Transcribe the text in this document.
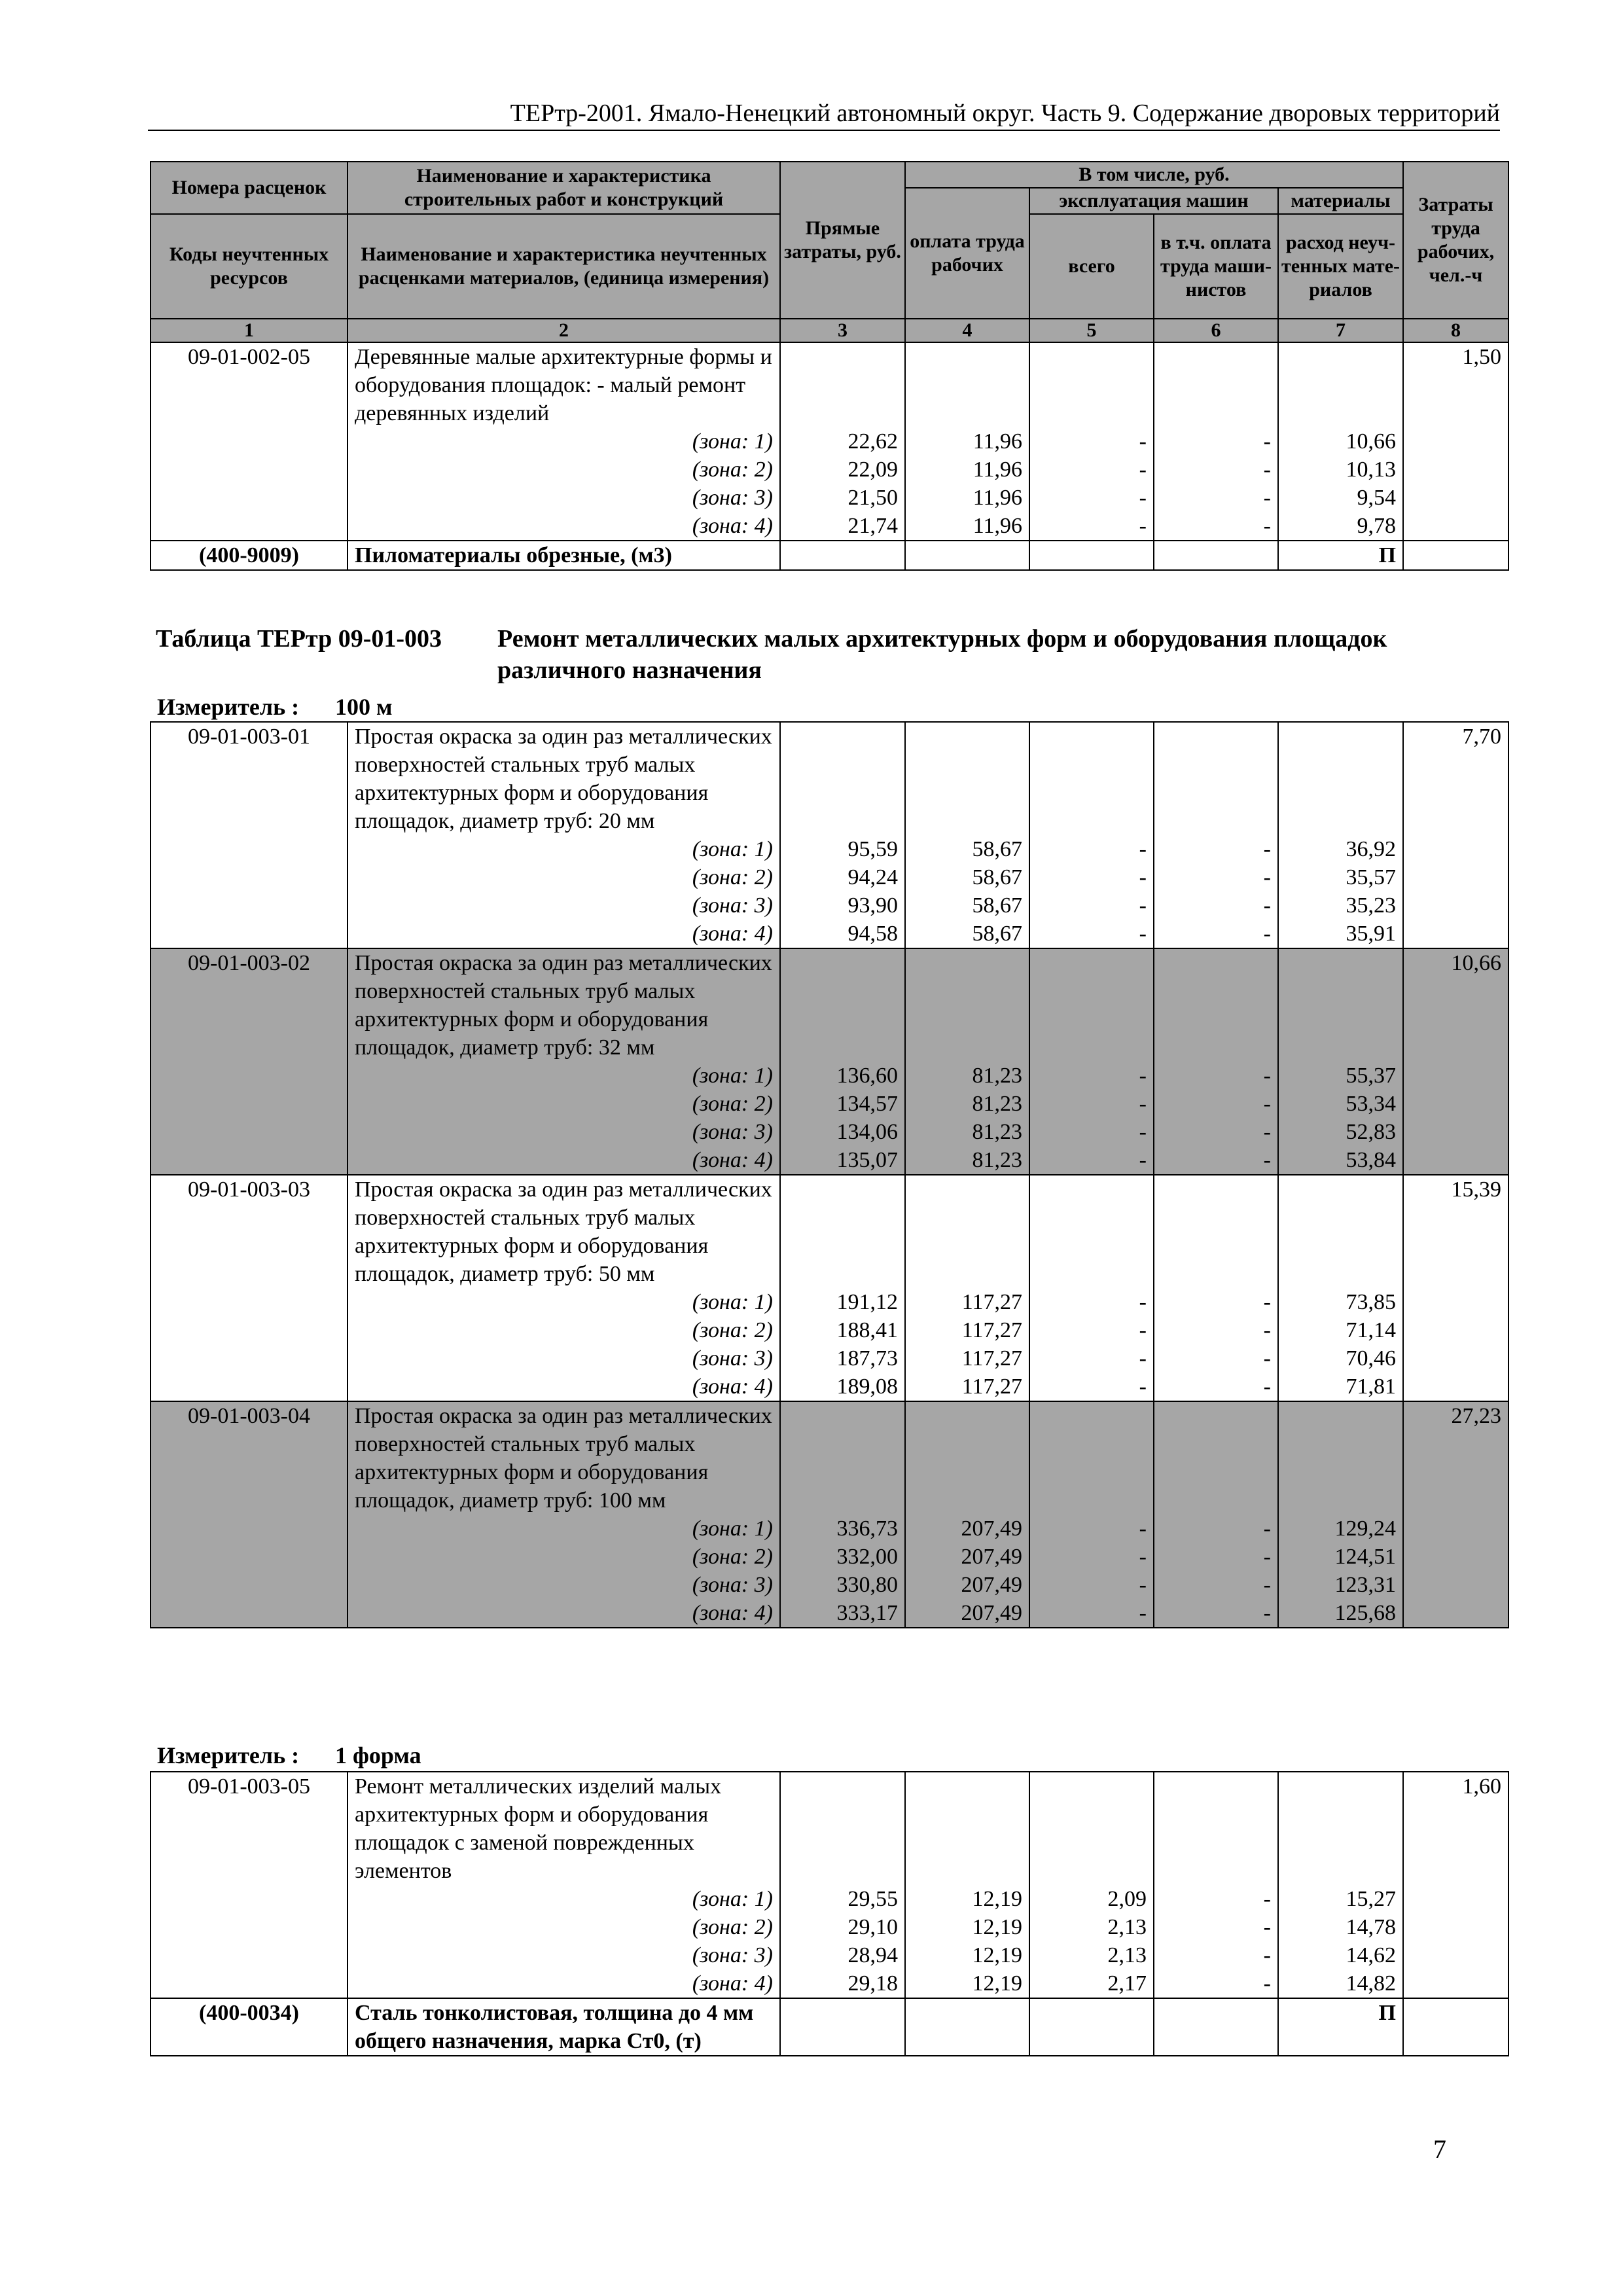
ТЕРтр-2001. Ямало-Ненецкий автономный округ. Часть 9. Содержание дворовых территорий
Номера расценок	Наименование и характеристика строительных работ и конструкций	Прямые затраты, руб.	В том числе, руб.				Затраты труда рабочих, чел.-ч
			оплата труда рабочих	эксплуатация машин		материалы	
Коды неучтенных ресурсов	Наименование и характеристика неучтенных расценками материалов, (единица измерения)			всего	в т.ч. оплата труда маши-нистов	расход неуч-тенных мате-риалов	

1	2	3	4	5	6	7	8
09-01-002-05	Деревянные малые архитектурные формы и оборудования площадок: - малый ремонт деревянных изделий						1,50
	(зона: 1)	22,62	11,96	-	-	10,66	
	(зона: 2)	22,09	11,96	-	-	10,13	
	(зона: 3)	21,50	11,96	-	-	9,54	
	(зона: 4)	21,74	11,96	-	-	9,78	
(400-9009)	Пиломатериалы обрезные, (м3)					П	
Таблица ТЕРтр 09-01-003 Ремонт металлических малых архитектурных форм и оборудования площадок различного назначения
Измеритель : 100 м
09-01-003-01	Простая окраска за один раз металлических поверхностей стальных труб малых архитектурных форм и оборудования площадок, диаметр труб: 20 мм						7,70
	(зона: 1)	95,59	58,67	-	-	36,92	
	(зона: 2)	94,24	58,67	-	-	35,57	
	(зона: 3)	93,90	58,67	-	-	35,23	
	(зона: 4)	94,58	58,67	-	-	35,91	
09-01-003-02	Простая окраска за один раз металлических поверхностей стальных труб малых архитектурных форм и оборудования площадок, диаметр труб: 32 мм						10,66
	(зона: 1)	136,60	81,23	-	-	55,37	
	(зона: 2)	134,57	81,23	-	-	53,34	
	(зона: 3)	134,06	81,23	-	-	52,83	
	(зона: 4)	135,07	81,23	-	-	53,84	
09-01-003-03	Простая окраска за один раз металлических поверхностей стальных труб малых архитектурных форм и оборудования площадок, диаметр труб: 50 мм						15,39
	(зона: 1)	191,12	117,27	-	-	73,85	
	(зона: 2)	188,41	117,27	-	-	71,14	
	(зона: 3)	187,73	117,27	-	-	70,46	
	(зона: 4)	189,08	117,27	-	-	71,81	
09-01-003-04	Простая окраска за один раз металлических поверхностей стальных труб малых архитектурных форм и оборудования площадок, диаметр труб: 100 мм						27,23
	(зона: 1)	336,73	207,49	-	-	129,24	
	(зона: 2)	332,00	207,49	-	-	124,51	
	(зона: 3)	330,80	207,49	-	-	123,31	
	(зона: 4)	333,17	207,49	-	-	125,68	
Измеритель : 1 форма
09-01-003-05	Ремонт металлических изделий малых архитектурных форм и оборудования площадок с заменой поврежденных элементов						1,60
	(зона: 1)	29,55	12,19	2,09	-	15,27	
	(зона: 2)	29,10	12,19	2,13	-	14,78	
	(зона: 3)	28,94	12,19	2,13	-	14,62	
	(зона: 4)	29,18	12,19	2,17	-	14,82	
(400-0034)	Сталь тонколистовая, толщина до 4 мм общего назначения, марка Ст0, (т)					П	
7
